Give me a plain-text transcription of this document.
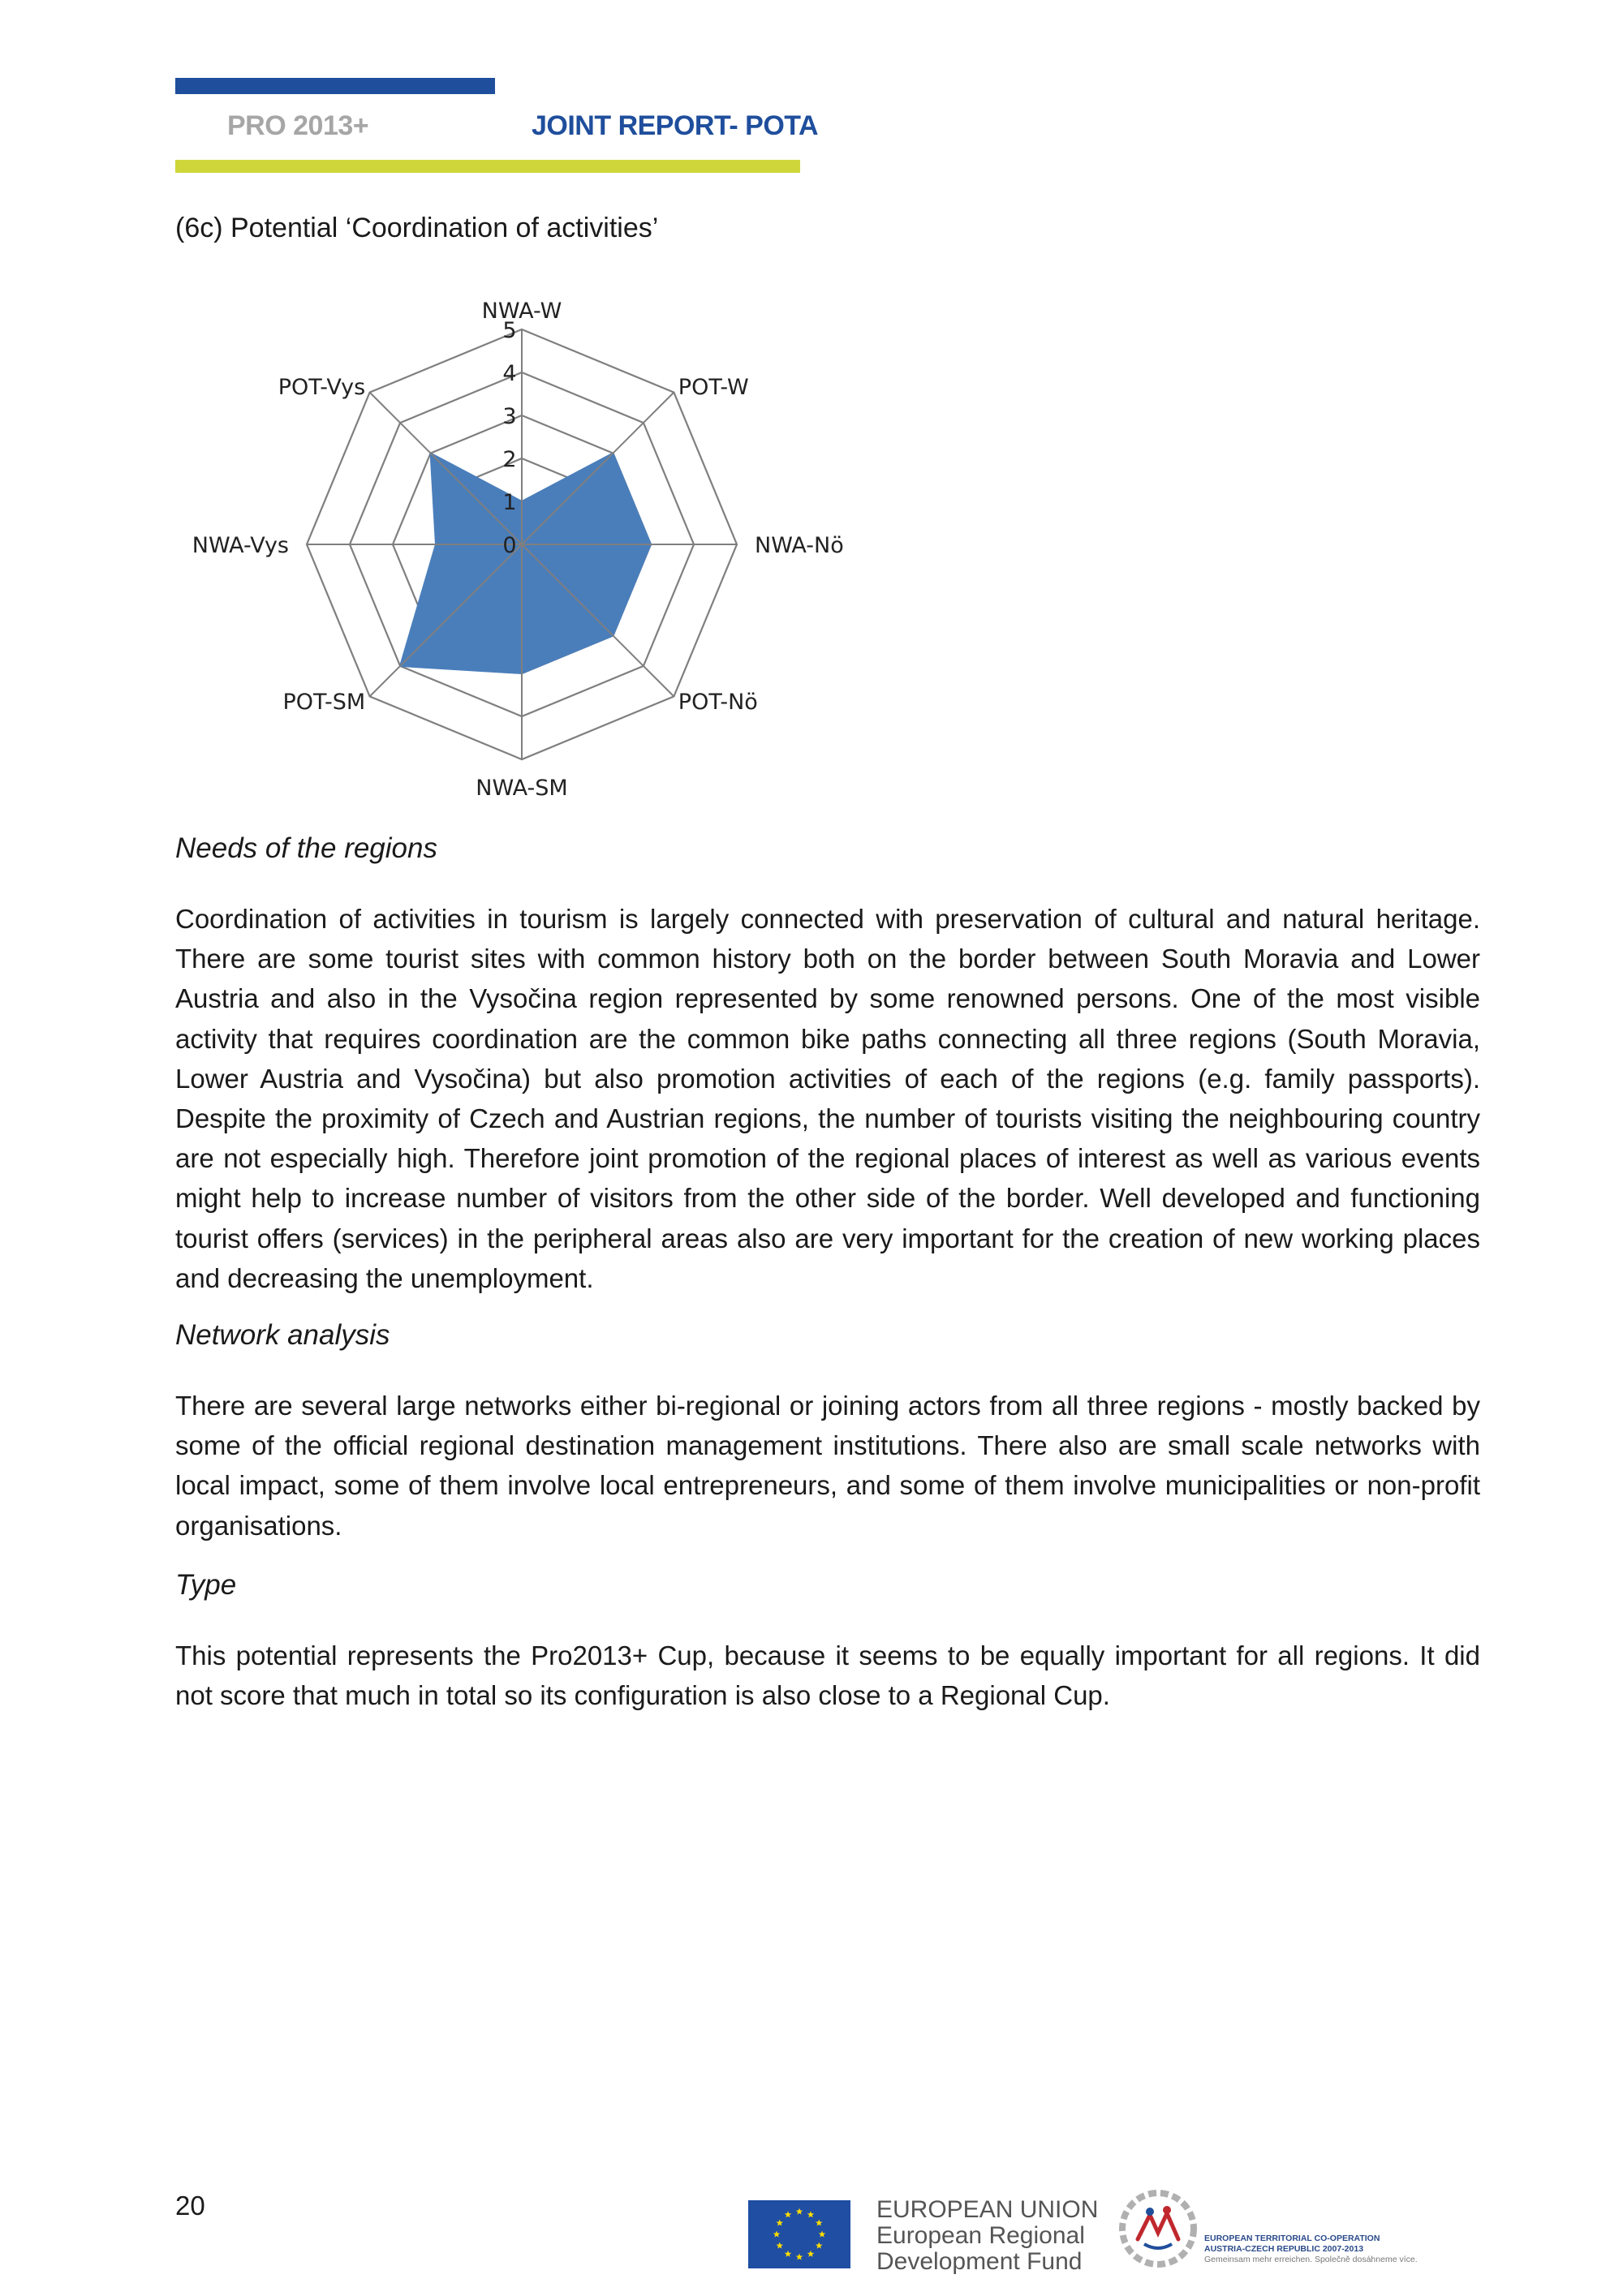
PRO 2013+	JOINT REPORT- POTA
(6c) Potential ‘Coordination of activities’
0
1
2
3
4
5
NWA-W
POT-W
NWA-Nö
POT-Nö
NWA-SM
POT-SM
NWA-Vys
POT-Vys
Needs of the regions

Coordination of activities in tourism is largely connected with preservation of cultural and natural heritage. There are some tourist sites with common history both on the border between South Moravia and Lower Austria and also in the Vysočina region represented by some renowned persons. One of the most visible activity that requires coordination are the common bike paths connecting all three regions (South Moravia, Lower Austria and Vysočina) but also promotion activities of each of the regions (e.g. family passports). Despite the proximity of Czech and Austrian regions, the number of tourists visiting the neighbouring country are not especially high. Therefore joint promotion of the regional places of interest as well as various events might help to increase number of visitors from the other side of the border. Well developed and functioning tourist offers (services) in the peripheral areas also are very important for the creation of new working places and decreasing the unemployment.

Network analysis

There are several large networks either bi-regional or joining actors from all three regions - mostly backed by some of the official regional destination management institutions. There also are small scale networks with local impact, some of them involve local entrepreneurs, and some of them involve municipalities or non-profit organisations.

Type

This potential represents the Pro2013+ Cup, because it seems to be equally important for all regions. It did not score that much in total so its configuration is also close to a Regional Cup.

20	EUROPEAN UNION
European Regional
Development Fund
EUROPEAN TERRITORIAL CO-OPERATION
AUSTRIA-CZECH REPUBLIC 2007-2013
Gemeinsam mehr erreichen. Společně dosáhneme více.
